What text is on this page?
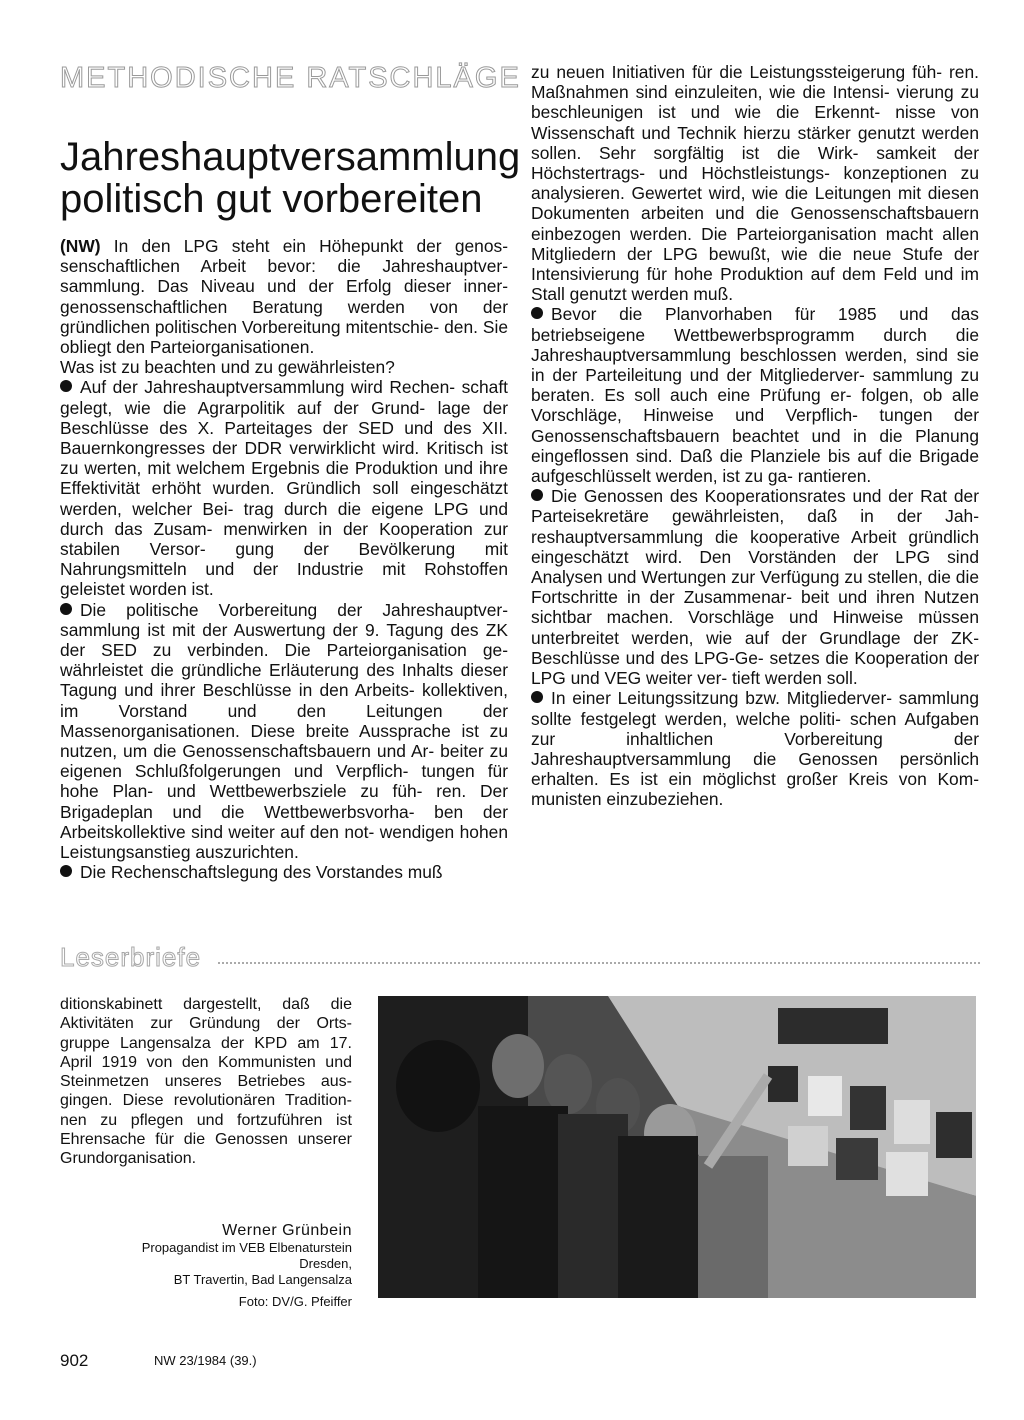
METHODISCHE RATSCHLÄGE
Jahreshauptversammlung
politisch gut vorbereiten

(NW) In den LPG steht ein Höhepunkt der genos- senschaftlichen Arbeit bevor: die Jahreshauptver- sammlung. Das Niveau und der Erfolg dieser inner- genossenschaftlichen Beratung werden von der gründlichen politischen Vorbereitung mitentschie- den. Sie obliegt den Parteiorganisationen.

Was ist zu beachten und zu gewährleisten?

Auf der Jahreshauptversammlung wird Rechen- schaft gelegt, wie die Agrarpolitik auf der Grund- lage der Beschlüsse des X. Parteitages der SED und des XII. Bauernkongresses der DDR verwirklicht wird. Kritisch ist zu werten, mit welchem Ergebnis die Produktion und ihre Effektivität erhöht wurden. Gründlich soll eingeschätzt werden, welcher Bei- trag durch die eigene LPG und durch das Zusam- menwirken in der Kooperation zur stabilen Versor- gung der Bevölkerung mit Nahrungsmitteln und der Industrie mit Rohstoffen geleistet worden ist.

Die politische Vorbereitung der Jahreshauptver- sammlung ist mit der Auswertung der 9. Tagung des ZK der SED zu verbinden. Die Parteiorganisation ge- währleistet die gründliche Erläuterung des Inhalts dieser Tagung und ihrer Beschlüsse in den Arbeits- kollektiven, im Vorstand und den Leitungen der Massenorganisationen. Diese breite Aussprache ist zu nutzen, um die Genossenschaftsbauern und Ar- beiter zu eigenen Schlußfolgerungen und Verpflich- tungen für hohe Plan- und Wettbewerbsziele zu füh- ren. Der Brigadeplan und die Wettbewerbsvorha- ben der Arbeitskollektive sind weiter auf den not- wendigen hohen Leistungsanstieg auszurichten.

Die Rechenschaftslegung des Vorstandes muß

zu neuen Initiativen für die Leistungssteigerung füh- ren. Maßnahmen sind einzuleiten, wie die Intensi- vierung zu beschleunigen ist und wie die Erkennt- nisse von Wissenschaft und Technik hierzu stärker genutzt werden sollen. Sehr sorgfältig ist die Wirk- samkeit der Höchstertrags- und Höchstleistungs- konzeptionen zu analysieren. Gewertet wird, wie die Leitungen mit diesen Dokumenten arbeiten und die Genossenschaftsbauern einbezogen werden. Die Parteiorganisation macht allen Mitgliedern der LPG bewußt, wie die neue Stufe der Intensivierung für hohe Produktion auf dem Feld und im Stall genutzt werden muß.

Bevor die Planvorhaben für 1985 und das betriebseigene Wettbewerbsprogramm durch die Jahreshauptversammlung beschlossen werden, sind sie in der Parteileitung und der Mitgliederver- sammlung zu beraten. Es soll auch eine Prüfung er- folgen, ob alle Vorschläge, Hinweise und Verpflich- tungen der Genossenschaftsbauern beachtet und in die Planung eingeflossen sind. Daß die Planziele bis auf die Brigade aufgeschlüsselt werden, ist zu ga- rantieren.

Die Genossen des Kooperationsrates und der Rat der Parteisekretäre gewährleisten, daß in der Jah- reshauptversammlung die kooperative Arbeit gründlich eingeschätzt wird. Den Vorständen der LPG sind Analysen und Wertungen zur Verfügung zu stellen, die die Fortschritte in der Zusammenar- beit und ihren Nutzen sichtbar machen. Vorschläge und Hinweise müssen unterbreitet werden, wie auf der Grundlage der ZK-Beschlüsse und des LPG-Ge- setzes die Kooperation der LPG und VEG weiter ver- tieft werden soll.

In einer Leitungssitzung bzw. Mitgliederver- sammlung sollte festgelegt werden, welche politi- schen Aufgaben zur inhaltlichen Vorbereitung der Jahreshauptversammlung die Genossen persönlich erhalten. Es ist ein möglichst großer Kreis von Kom- munisten einzubeziehen.

Leserbriefe
ditionskabinett dargestellt, daß die Aktivitäten zur Gründung der Orts- gruppe Langensalza der KPD am 17. April 1919 von den Kommunisten und Steinmetzen unseres Betriebes aus- gingen. Diese revolutionären Tradition- nen zu pflegen und fortzuführen ist Ehrensache für die Genossen unserer Grundorganisation.
Werner Grünbein
Propagandist im VEB Elbenaturstein
Dresden,
BT Travertin, Bad Langensalza
Foto: DV/G. Pfeiffer
902	NW 23/1984 (39.)
